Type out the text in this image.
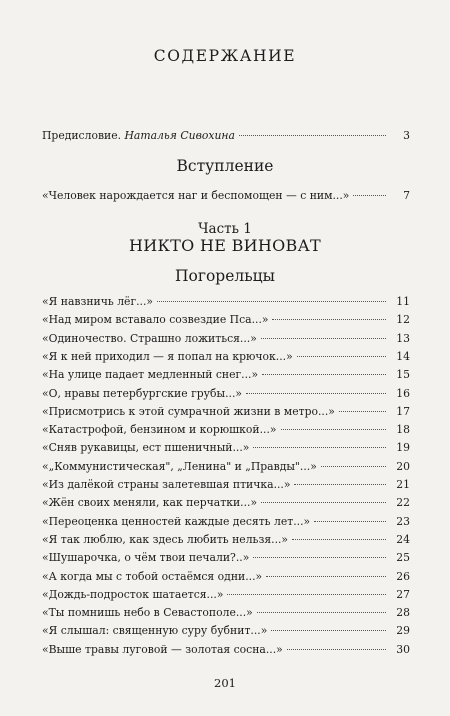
СОДЕРЖАНИЕ
Предисловие. Наталья Сивохина	3
Вступление
«Человек нарождается наг и беспомощен — с ним...»	7
Часть 1
НИКТО НЕ ВИНОВАТ
Погорельцы
«Я навзничь лёг...»	11
«Над миром вставало созвездие Пса...»	12
«Одиночество. Страшно ложиться...»	13
«Я к ней приходил — я попал на крючок...»	14
«На улице падает медленный снег...»	15
«О, нравы петербургские грубы...»	16
«Присмотрись к этой сумрачной жизни в метро...»	17
«Катастрофой, бензином и корюшкой...»	18
«Сняв рукавицы, ест пшеничный...»	19
«„Коммунистическая", „Ленина" и „Правды"...»	20
«Из далёкой страны залетевшая птичка...»	21
«Жён своих меняли, как перчатки...»	22
«Переоценка ценностей каждые десять лет...»	23
«Я так люблю, как здесь любить нельзя...»	24
«Шушарочка, о чём твои печали?..»	25
«А когда мы с тобой остаёмся одни...»	26
«Дождь-подросток шатается...»	27
«Ты помнишь небо в Севастополе...»	28
«Я слышал: священную суру бубнит...»	29
«Выше травы луговой — золотая сосна...»	30
201
